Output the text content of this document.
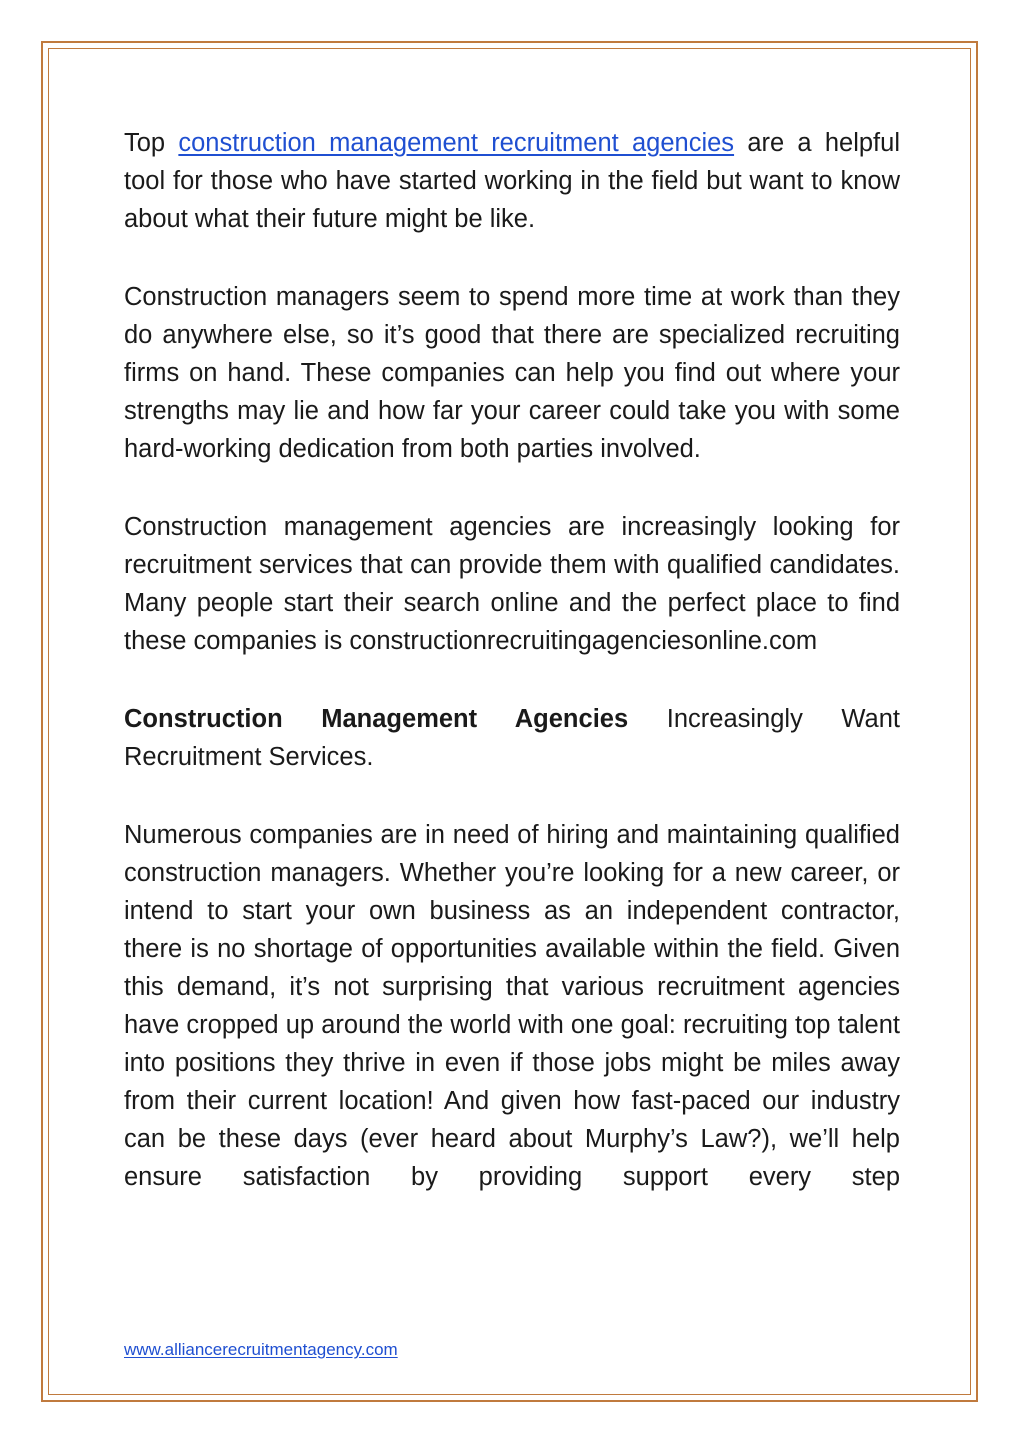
Top construction management recruitment agencies are a helpful tool for those who have started working in the field but want to know about what their future might be like.

Construction managers seem to spend more time at work than they do anywhere else, so it’s good that there are specialized recruiting firms on hand. These companies can help you find out where your strengths may lie and how far your career could take you with some hard-working dedication from both parties involved.

Construction management agencies are increasingly looking for recruitment services that can provide them with qualified candidates. Many people start their search online and the perfect place to find these companies is constructionrecruitingagenciesonline.com

Construction Management Agencies Increasingly Want Recruitment Services.

Numerous companies are in need of hiring and maintaining qualified construction managers. Whether you’re looking for a new career, or intend to start your own business as an independent contractor, there is no shortage of opportunities available within the field. Given this demand, it’s not surprising that various recruitment agencies have cropped up around the world with one goal: recruiting top talent into positions they thrive in even if those jobs might be miles away from their current location! And given how fast-paced our industry can be these days (ever heard about Murphy’s Law?), we’ll help ensure satisfaction by providing support every step

www.alliancerecruitmentagency.com
